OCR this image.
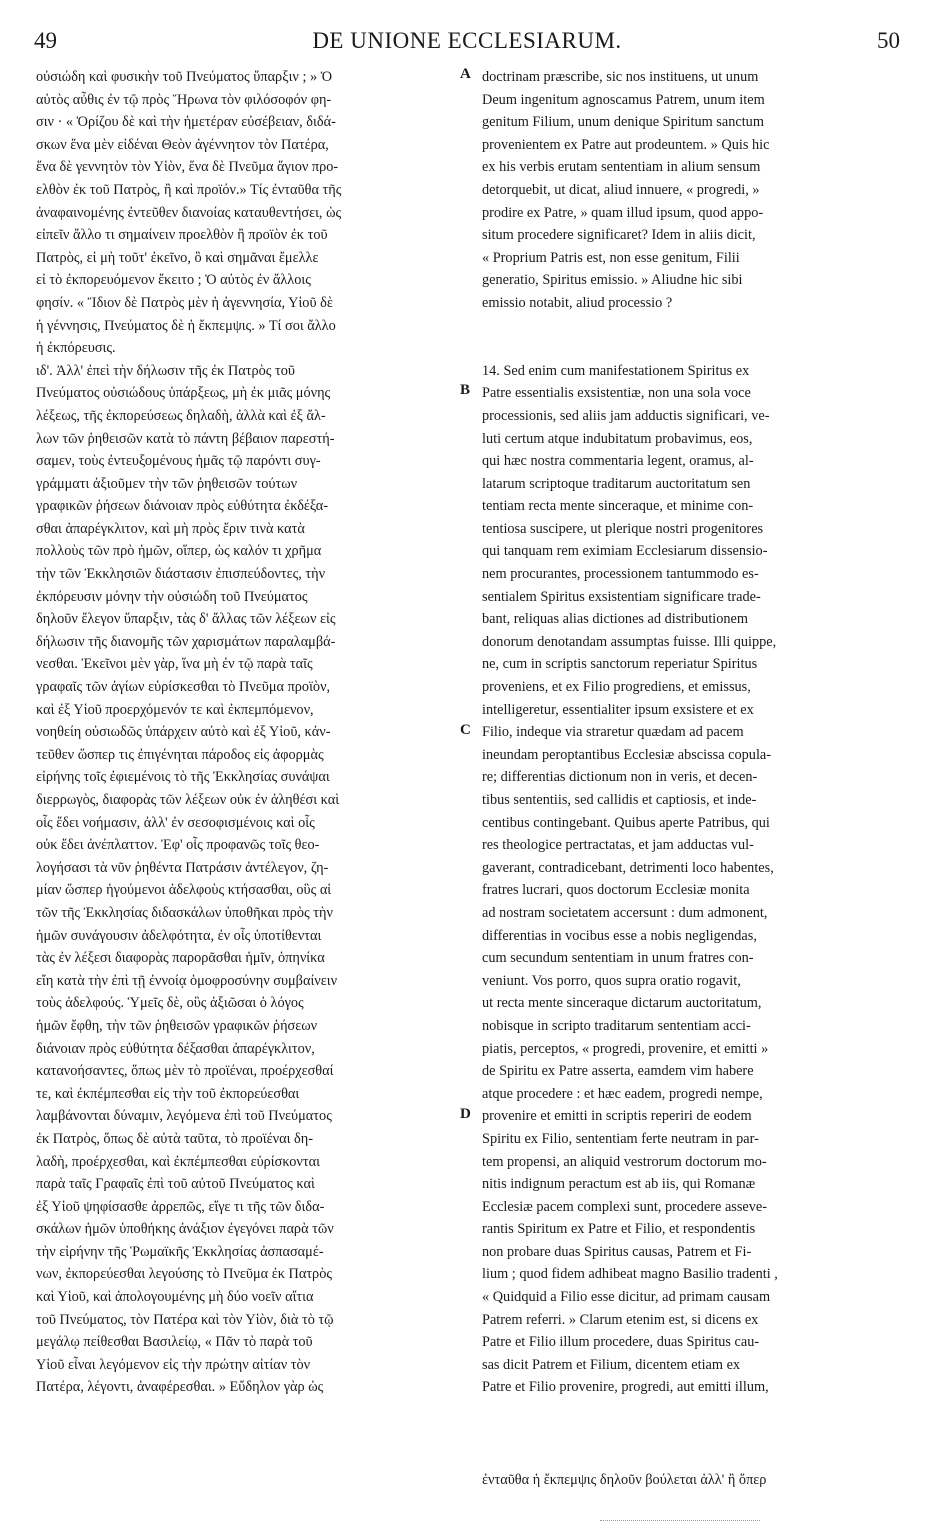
49	DE UNIONE ECCLESIARUM.	50
οὐσιώδη καὶ φυσικὴν τοῦ Πνεύματος ὕπαρξιν ; » Ὁ
αὐτὸς αὖθις ἐν τῷ πρὸς Ἥρωνα τὸν φιλόσοφόν φη-
σιν · « Ὁρίζου δὲ καὶ τὴν ἡμετέραν εὐσέβειαν, διδά-
σκων ἕνα μὲν εἰδέναι Θεὸν ἀγέννητον τὸν Πατέρα,
ἕνα δὲ γεννητὸν τὸν Υἱὸν, ἕνα δὲ Πνεῦμα ἅγιον προ-
ελθὸν ἐκ τοῦ Πατρὸς, ἢ καὶ προϊόν.» Τίς ἐνταῦθα τῆς
ἀναφαινομένης ἐντεῦθεν διανοίας καταυθεντήσει, ὡς
εἰπεῖν ἄλλο τι σημαίνειν προελθὸν ἢ προϊὸν ἐκ τοῦ
Πατρὸς, εἰ μὴ τοῦτ' ἐκεῖνο, ὃ καὶ σημᾶναι ἔμελλε
εἰ τὸ ἐκπορευόμενον ἔκειτο ; Ὁ αὐτὸς ἐν ἄλλοις
φησίν. « Ἴδιον δὲ Πατρὸς μὲν ἡ ἀγεννησία, Υἱοῦ δὲ
ἡ γέννησις, Πνεύματος δὲ ἡ ἔκπεμψις. » Τί σοι ἄλλο
ἡ ἐκπόρευσις.
ιδ'. Ἀλλ' ἐπεὶ τὴν δήλωσιν τῆς ἐκ Πατρὸς τοῦ
Πνεύματος οὐσιώδους ὑπάρξεως, μὴ ἐκ μιᾶς μόνης
λέξεως, τῆς ἐκπορεύσεως δηλαδὴ, ἀλλὰ καὶ ἐξ ἄλ-
λων τῶν ῥηθεισῶν κατὰ τὸ πάντη βέβαιον παρεστή-
σαμεν, τοὺς ἐντευξομένους ἡμᾶς τῷ παρόντι συγ-
γράμματι ἀξιοῦμεν τὴν τῶν ῥηθεισῶν τούτων
γραφικῶν ῥήσεων διάνοιαν πρὸς εὐθύτητα ἐκδέξα-
σθαι ἀπαρέγκλιτον, καὶ μὴ πρὸς ἔριν τινὰ κατὰ
πολλοὺς τῶν πρὸ ἡμῶν, οἵπερ, ὡς καλόν τι χρῆμα
τὴν τῶν Ἐκκλησιῶν διάστασιν ἐπισπεύδοντες, τὴν
ἐκπόρευσιν μόνην τὴν οὐσιώδη τοῦ Πνεύματος
δηλοῦν ἔλεγον ὕπαρξιν, τὰς δ' ἄλλας τῶν λέξεων εἰς
δήλωσιν τῆς διανομῆς τῶν χαρισμάτων παραλαμβά-
νεσθαι. Ἐκεῖνοι μὲν γὰρ, ἵνα μὴ ἐν τῷ παρὰ ταῖς
γραφαῖς τῶν ἁγίων εὑρίσκεσθαι τὸ Πνεῦμα προϊὸν,
καὶ ἐξ Υἱοῦ προερχόμενόν τε καὶ ἐκπεμπόμενον,
νοηθείη οὐσιωδῶς ὑπάρχειν αὐτὸ καὶ ἐξ Υἱοῦ, κἀν-
τεῦθεν ὥσπερ τις ἐπιγένηται πάροδος εἰς ἀφορμὰς
εἰρήνης τοῖς ἐφιεμένοις τὸ τῆς Ἐκκλησίας συνάψαι
διερρωγὸς, διαφορὰς τῶν λέξεων οὐκ ἐν ἀληθέσι καὶ
οἷς ἔδει νοήμασιν, ἀλλ' ἐν σεσοφισμένοις καὶ οἷς
οὐκ ἔδει ἀνέπλαττον. Ἐφ' οἷς προφανῶς τοῖς θεο-
λογήσασι τὰ νῦν ῥηθέντα Πατράσιν ἀντέλεγον, ζη-
μίαν ὥσπερ ἡγούμενοι ἀδελφοὺς κτήσασθαι, οὓς αἱ
τῶν τῆς Ἐκκλησίας διδασκάλων ὑποθῆκαι πρὸς τὴν
ἡμῶν συνάγουσιν ἀδελφότητα, ἐν οἷς ὑποτίθενται
τὰς ἐν λέξεσι διαφορὰς παρορᾶσθαι ἡμῖν, ὁπηνίκα
εἴη κατὰ τὴν ἐπὶ τῇ ἐννοίᾳ ὁμοφροσύνην συμβαίνειν
τοὺς ἀδελφούς. Ὑμεῖς δὲ, οὓς ἀξιῶσαι ὁ λόγος
ἡμῶν ἔφθη, τὴν τῶν ῥηθεισῶν γραφικῶν ῥήσεων
διάνοιαν πρὸς εὐθύτητα δέξασθαι ἀπαρέγκλιτον,
κατανοήσαντες, ὅπως μὲν τὸ προϊέναι, προέρχεσθαί
τε, καὶ ἐκπέμπεσθαι εἰς τὴν τοῦ ἐκπορεύεσθαι
λαμβάνονται δύναμιν, λεγόμενα ἐπὶ τοῦ Πνεύματος
ἐκ Πατρὸς, ὅπως δὲ αὐτὰ ταῦτα, τὸ προϊέναι δη-
λαδὴ, προέρχεσθαι, καὶ ἐκπέμπεσθαι εὑρίσκονται
παρὰ ταῖς Γραφαῖς ἐπὶ τοῦ αὐτοῦ Πνεύματος καὶ
ἐξ Υἱοῦ ψηφίσασθε ἀρρεπῶς, εἴγε τι τῆς τῶν διδα-
σκάλων ἡμῶν ὑποθήκης ἀνάξιον ἐγεγόνει παρὰ τῶν
τὴν εἰρήνην τῆς Ῥωμαϊκῆς Ἐκκλησίας ἀσπασαμέ-
νων, ἐκπορεύεσθαι λεγούσης τὸ Πνεῦμα ἐκ Πατρὸς
καὶ Υἱοῦ, καὶ ἀπολογουμένης μὴ δύο νοεῖν αἴτια
τοῦ Πνεύματος, τὸν Πατέρα καὶ τὸν Υἱὸν, διὰ τὸ τῷ
μεγάλῳ πείθεσθαι Βασιλείῳ, « Πᾶν τὸ παρὰ τοῦ
Υἱοῦ εἶναι λεγόμενον εἰς τὴν πρώτην αἰτίαν τὸν
Πατέρα, λέγοντι, ἀναφέρεσθαι. » Εὔδηλον γὰρ ὡς
doctrinam præscribe, sic nos instituens, ut unum
Deum ingenitum agnoscamus Patrem, unum item
genitum Filium, unum denique Spiritum sanctum
provenientem ex Patre aut prodeuntem. » Quis hic
ex his verbis erutam sententiam in alium sensum
detorquebit, ut dicat, aliud innuere, « progredi, »
prodire ex Patre, » quam illud ipsum, quod appo-
situm procedere significaret? Idem in aliis dicit,
« Proprium Patris est, non esse genitum, Filii
generatio, Spiritus emissio. » Aliudne hic sibi
emissio notabit, aliud processio ?
14. Sed enim cum manifestationem Spiritus ex
Patre essentialis exsistentiæ, non una sola voce
processionis, sed aliis jam adductis significari, ve-
luti certum atque indubitatum probavimus, eos,
qui hæc nostra commentaria legent, oramus, al-
latarum scriptoque traditarum auctoritatum sen
tentiam recta mente sinceraque, et minime con-
tentiosa suscipere, ut plerique nostri progenitores
qui tanquam rem eximiam Ecclesiarum dissensio-
nem procurantes, processionem tantummodo es-
sentialem Spiritus exsistentiam significare trade-
bant, reliquas alias dictiones ad distributionem
donorum denotandam assumptas fuisse. Illi quippe,
ne, cum in scriptis sanctorum reperiatur Spiritus
proveniens, et ex Filio progrediens, et emissus,
intelligeretur, essentialiter ipsum exsistere et ex
Filio, indeque via straretur quædam ad pacem
ineundam peroptantibus Ecclesiæ abscissa copula-
re; differentias dictionum non in veris, et decen-
tibus sententiis, sed callidis et captiosis, et inde-
centibus contingebant. Quibus aperte Patribus, qui
res theologice pertractatas, et jam adductas vul-
gaverant, contradicebant, detrimenti loco habentes,
fratres lucrari, quos doctorum Ecclesiæ monita
ad nostram societatem accersunt : dum admonent,
differentias in vocibus esse a nobis negligendas,
cum secundum sententiam in unum fratres con-
veniunt. Vos porro, quos supra oratio rogavit,
ut recta mente sinceraque dictarum auctoritatum,
nobisque in scripto traditarum sententiam acci-
piatis, perceptos, « progredi, provenire, et emitti »
de Spiritu ex Patre asserta, eamdem vim habere
atque procedere : et hæc eadem, progredi nempe,
provenire et emitti in scriptis reperiri de eodem
Spiritu ex Filio, sententiam ferte neutram in par-
tem propensi, an aliquid vestrorum doctorum mo-
nitis indignum peractum est ab iis, qui Romanæ
Ecclesiæ pacem complexi sunt, procedere asseve-
rantis Spiritum ex Patre et Filio, et respondentis
non probare duas Spiritus causas, Patrem et Fi-
lium ; quod fidem adhibeat magno Basilio tradenti ,
« Quidquid a Filio esse dicitur, ad primam causam
Patrem referri. » Clarum etenim est, si dicens ex
Patre et Filio illum procedere, duas Spiritus cau-
sas dicit Patrem et Filium, dicentem etiam ex
Patre et Filio provenire, progredi, aut emitti illum,
ἐνταῦθα ἡ ἔκπεμψις δηλοῦν βούλεται ἀλλ' ἢ ὅπερ
A
B
C
D
